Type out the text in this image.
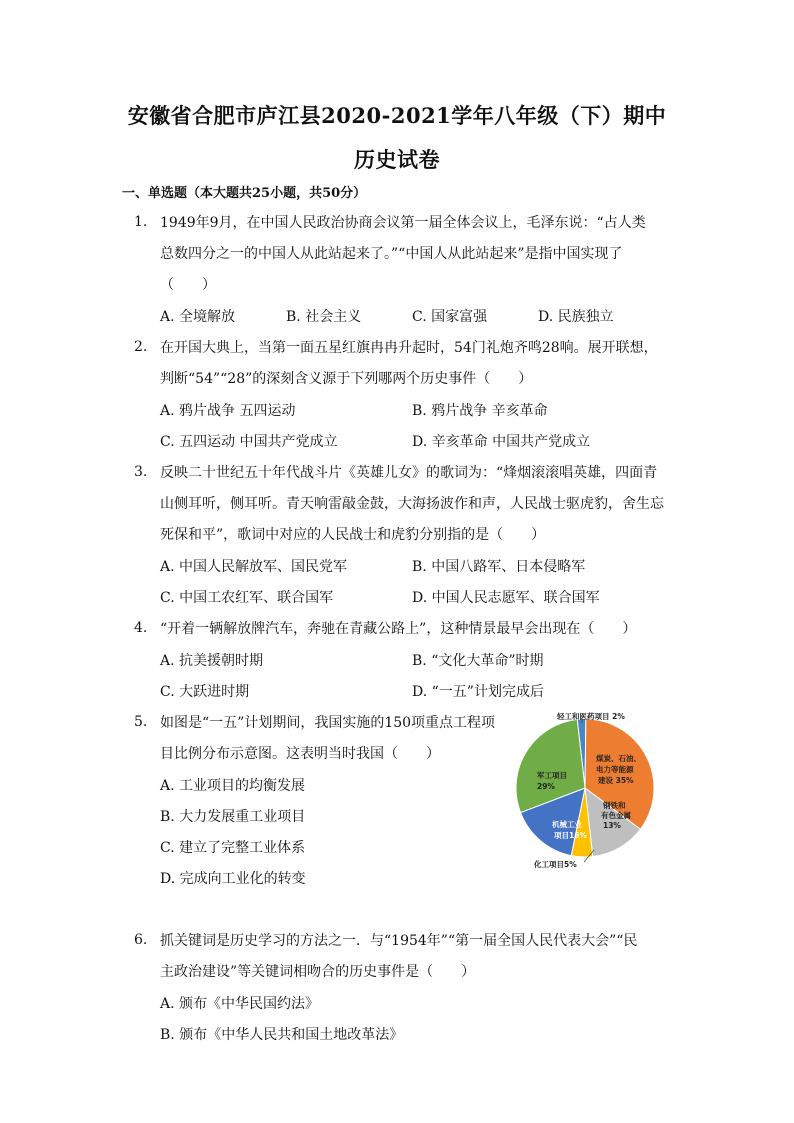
安徽省合肥市庐江县2020-2021学年八年级（下）期中
历史试卷
一、单选题（本大题共25小题，共50分）
1. 1949年9月，在中国人民政治协商会议第一届全体会议上，毛泽东说：“占人类
总数四分之一的中国人从此站起来了。”“中国人从此站起来”是指中国实现了
（　　）
A. 全境解放	B. 社会主义	C. 国家富强	D. 民族独立
2. 在开国大典上，当第一面五星红旗冉冉升起时，54门礼炮齐鸣28响。展开联想，
判断“54”“28”的深刻含义源于下列哪两个历史事件（　　）
A. 鸦片战争 五四运动	B. 鸦片战争 辛亥革命
C. 五四运动 中国共产党成立	D. 辛亥革命 中国共产党成立
3. 反映二十世纪五十年代战斗片《英雄儿女》的歌词为：“烽烟滚滚唱英雄，四面青
山侧耳听，侧耳听。青天响雷敲金鼓，大海扬波作和声，人民战士驱虎豹，舍生忘
死保和平”，歌词中对应的人民战士和虎豹分别指的是（　　）
A. 中国人民解放军、国民党军	B. 中国八路军、日本侵略军
C. 中国工农红军、联合国军	D. 中国人民志愿军、联合国军
4. “开着一辆解放牌汽车，奔驰在青藏公路上”，这种情景最早会出现在（　　）
A. 抗美援朝时期	B. “文化大革命”时期
C. 大跃进时期	D. “一五”计划完成后
5. 如图是“一五”计划期间，我国实施的150项重点工程项
目比例分布示意图。这表明当时我国（　　）
A. 工业项目的均衡发展
B. 大力发展重工业项目
C. 建立了完整工业体系
D. 完成向工业化的转变
轻工和医药项目 2%
煤炭、石油、
电力等能源
建设 35%
钢铁和
有色金属
13%
化工项目5%
机械工业
项目16%
军工项目
29%
6. 抓关键词是历史学习的方法之一．与“1954年”“第一届全国人民代表大会”“民
主政治建设”等关键词相吻合的历史事件是（　　）
A. 颁布《中华民国约法》
B. 颁布《中华人民共和国土地改革法》
